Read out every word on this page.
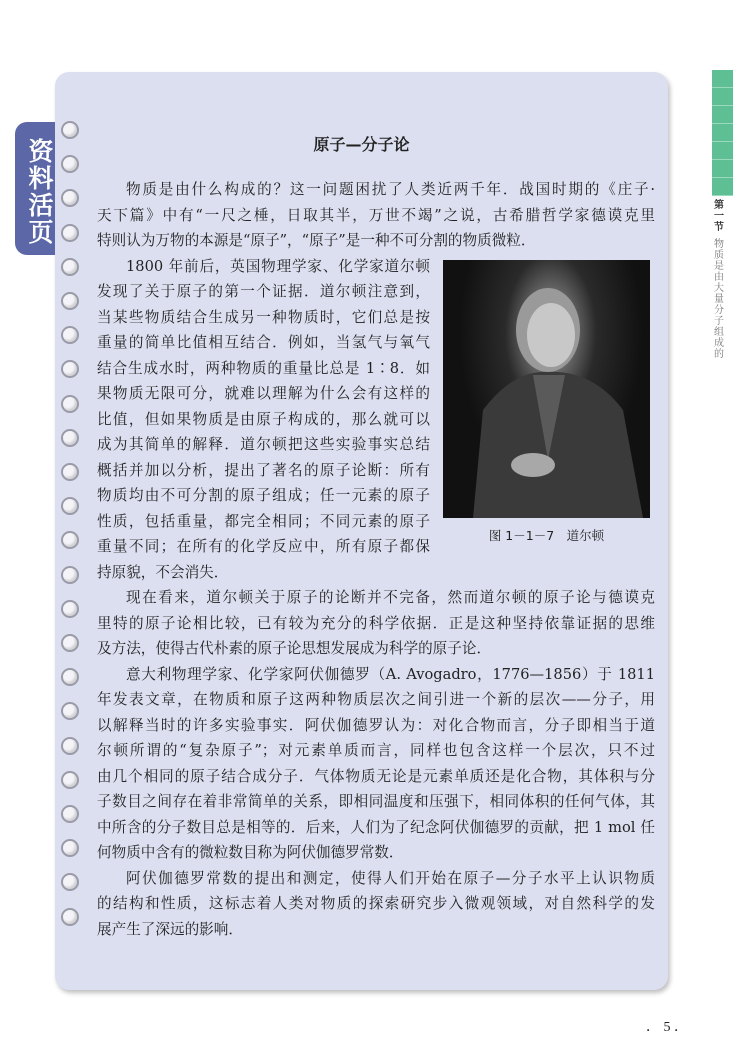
第一节
物质是由大量分子组成的
资料活页	原子—分子论
物质是由什么构成的？这一问题困扰了人类近两千年．战国时期的《庄子·
天下篇》中有“一尺之棰，日取其半，万世不竭”之说，古希腊哲学家德谟克里
特则认为万物的本源是“原子”，“原子”是一种不可分割的物质微粒．
1800 年前后，英国物理学家、化学家道尔顿
发现了关于原子的第一个证据．道尔顿注意到，
当某些物质结合生成另一种物质时，它们总是按
重量的简单比值相互结合．例如，当氢气与氧气
结合生成水时，两种物质的重量比总是 1∶8．如
果物质无限可分，就难以理解为什么会有这样的
比值，但如果物质是由原子构成的，那么就可以
成为其简单的解释．道尔顿把这些实验事实总结
概括并加以分析，提出了著名的原子论断：所有
物质均由不可分割的原子组成；任一元素的原子
性质，包括重量，都完全相同；不同元素的原子
重量不同；在所有的化学反应中，所有原子都保
持原貌，不会消失．
现在看来，道尔顿关于原子的论断并不完备，然而道尔顿的原子论与德谟克
里特的原子论相比较，已有较为充分的科学依据．正是这种坚持依靠证据的思维
及方法，使得古代朴素的原子论思想发展成为科学的原子论．
意大利物理学家、化学家阿伏伽德罗（A. Avogadro，1776—1856）于 1811
年发表文章，在物质和原子这两种物质层次之间引进一个新的层次——分子，用
以解释当时的许多实验事实．阿伏伽德罗认为：对化合物而言，分子即相当于道
尔顿所谓的“复杂原子”；对元素单质而言，同样也包含这样一个层次，只不过
由几个相同的原子结合成分子．气体物质无论是元素单质还是化合物，其体积与分
子数目之间存在着非常简单的关系，即相同温度和压强下，相同体积的任何气体，其
中所含的分子数目总是相等的．后来，人们为了纪念阿伏伽德罗的贡献，把 1 mol 任
何物质中含有的微粒数目称为阿伏伽德罗常数．
阿伏伽德罗常数的提出和测定，使得人们开始在原子—分子水平上认识物质
的结构和性质，这标志着人类对物质的探索研究步入微观领域，对自然科学的发
展产生了深远的影响．
图 1－1－7　道尔顿
． 5 ．
